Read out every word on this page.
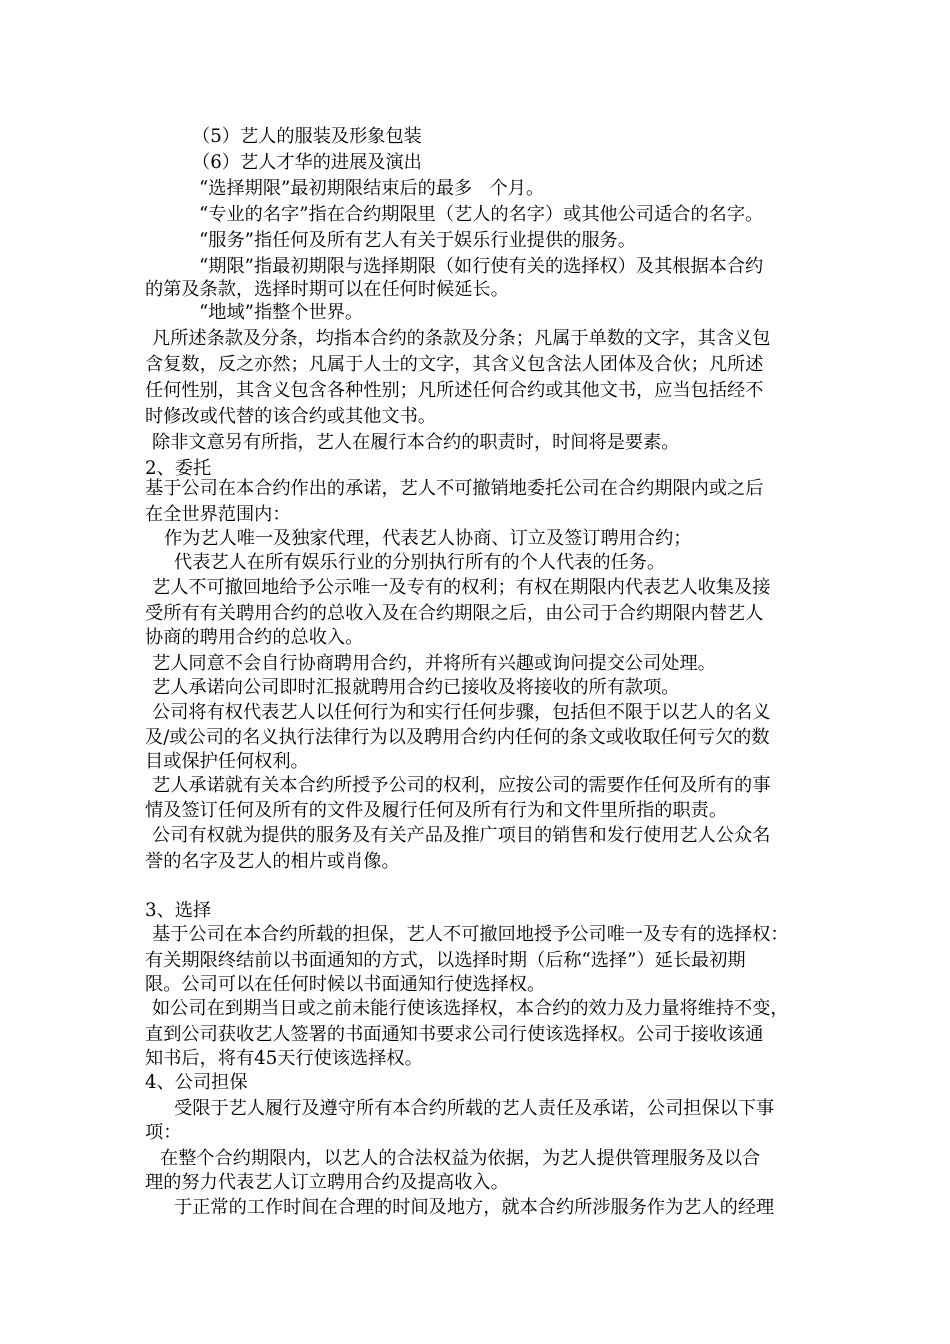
（5）艺人的服装及形象包装
（6）艺人才华的进展及演出
“选择期限”最初期限结束后的最多   个月。
“专业的名字”指在合约期限里（艺人的名字）或其他公司适合的名字。
“服务”指任何及所有艺人有关于娱乐行业提供的服务。
“期限”指最初期限与选择期限（如行使有关的选择权）及其根据本合约
的第及条款，选择时期可以在任何时候延长。
“地域”指整个世界。
凡所述条款及分条，均指本合约的条款及分条；凡属于单数的文字，其含义包
含复数，反之亦然；凡属于人士的文字，其含义包含法人团体及合伙；凡所述
任何性别，其含义包含各种性别；凡所述任何合约或其他文书，应当包括经不
时修改或代替的该合约或其他文书。
除非文意另有所指，艺人在履行本合约的职责时，时间将是要素。
2、委托
基于公司在本合约作出的承诺，艺人不可撤销地委托公司在合约期限内或之后
在全世界范围内：
作为艺人唯一及独家代理，代表艺人协商、订立及签订聘用合约；
代表艺人在所有娱乐行业的分别执行所有的个人代表的任务。
艺人不可撤回地给予公示唯一及专有的权利；有权在期限内代表艺人收集及接
受所有有关聘用合约的总收入及在合约期限之后，由公司于合约期限内替艺人
协商的聘用合约的总收入。
艺人同意不会自行协商聘用合约，并将所有兴趣或询问提交公司处理。
艺人承诺向公司即时汇报就聘用合约已接收及将接收的所有款项。
公司将有权代表艺人以任何行为和实行任何步骤，包括但不限于以艺人的名义
及/或公司的名义执行法律行为以及聘用合约内任何的条文或收取任何亏欠的数
目或保护任何权利。
艺人承诺就有关本合约所授予公司的权利，应按公司的需要作任何及所有的事
情及签订任何及所有的文件及履行任何及所有行为和文件里所指的职责。
公司有权就为提供的服务及有关产品及推广项目的销售和发行使用艺人公众名
誉的名字及艺人的相片或肖像。
3、选择
基于公司在本合约所载的担保，艺人不可撤回地授予公司唯一及专有的选择权：
有关期限终结前以书面通知的方式，以选择时期（后称“选择”）延长最初期
限。公司可以在任何时候以书面通知行使选择权。
如公司在到期当日或之前未能行使该选择权，本合约的效力及力量将维持不变，
直到公司获收艺人签署的书面通知书要求公司行使该选择权。公司于接收该通
知书后，将有45天行使该选择权。
4、公司担保
受限于艺人履行及遵守所有本合约所载的艺人责任及承诺，公司担保以下事
项：
在整个合约期限内，以艺人的合法权益为依据，为艺人提供管理服务及以合
理的努力代表艺人订立聘用合约及提高收入。
于正常的工作时间在合理的时间及地方，就本合约所涉服务作为艺人的经理
